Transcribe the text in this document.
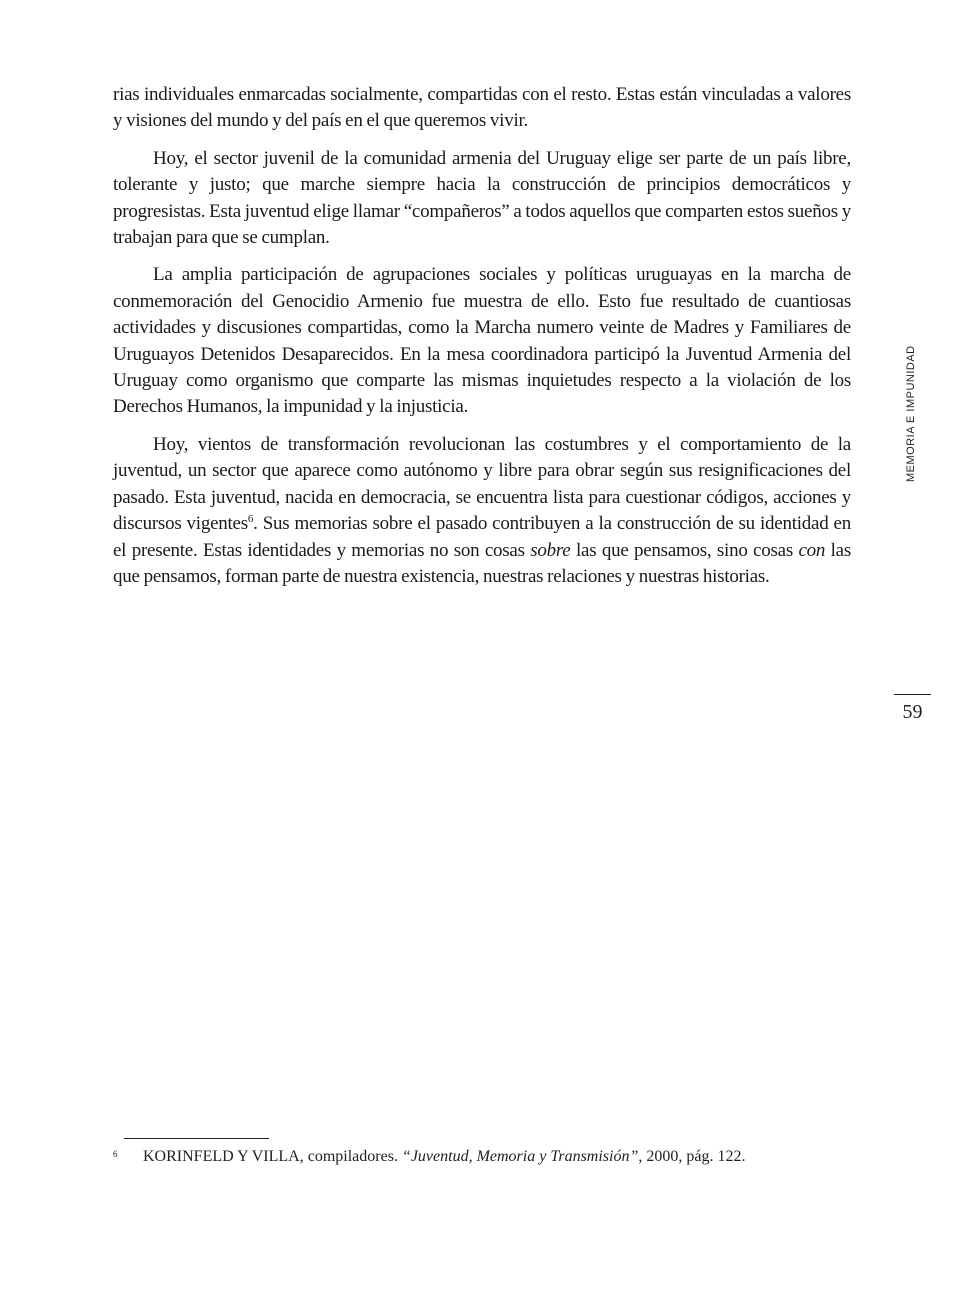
rias individuales enmarcadas socialmente, compartidas con el resto. Estas están vinculadas a valores y visiones del mundo y del país en el que queremos vivir.

Hoy, el sector juvenil de la comunidad armenia del Uruguay elige ser parte de un país libre, tolerante y justo; que marche siempre hacia la construcción de principios democráticos y progresistas. Esta juventud elige llamar “compañeros” a todos aquellos que comparten estos sueños y trabajan para que se cumplan.

La amplia participación de agrupaciones sociales y políticas uruguayas en la marcha de conmemoración del Genocidio Armenio fue muestra de ello. Esto fue resultado de cuantiosas actividades y discusiones compartidas, como la Marcha numero veinte de Madres y Familiares de Uruguayos Detenidos Desaparecidos. En la mesa coordinadora participó la Juventud Armenia del Uruguay como organismo que comparte las mismas inquietudes respecto a la violación de los Derechos Humanos, la impunidad y la injusticia.

Hoy, vientos de transformación revolucionan las costumbres y el comportamiento de la juventud, un sector que aparece como autónomo y libre para obrar según sus resignificaciones del pasado. Esta juventud, nacida en democracia, se encuentra lista para cuestionar códigos, acciones y discursos vigentes$^6$. Sus memorias sobre el pasado contribuyen a la construcción de su identidad en el presente. Estas identidades y memorias no son cosas sobre las que pensamos, sino cosas con las que pensamos, forman parte de nuestra existencia, nuestras relaciones y nuestras historias.

MEMORIA E IMPUNIDAD
59
6 KORINFELD Y VILLA, compiladores. “Juventud, Memoria y Transmisión”, 2000, pág. 122.
